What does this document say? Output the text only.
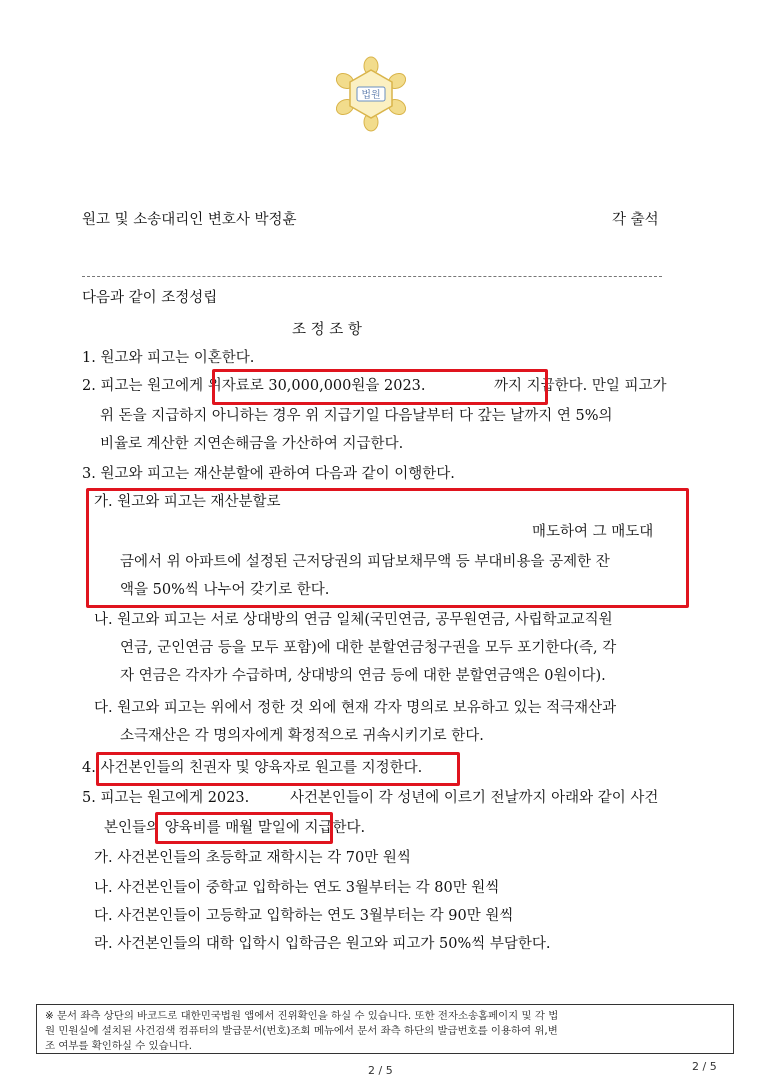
법원
원고 및 소송대리인 변호사 박정훈	각 출석
다음과 같이 조정성립
조 정 조 항
1. 원고와 피고는 이혼한다.
2. 피고는 원고에게 위자료로 30,000,000원을 2023.	까지 지급한다. 만일 피고가
위 돈을 지급하지 아니하는 경우 위 지급기일 다음날부터 다 갚는 날까지 연 5%의
비율로 계산한 지연손해금을 가산하여 지급한다.
3. 원고와 피고는 재산분할에 관하여 다음과 같이 이행한다.
가. 원고와 피고는 재산분할로
매도하여 그 매도대
금에서 위 아파트에 설정된 근저당권의 피담보채무액 등 부대비용을 공제한 잔
액을 50%씩 나누어 갖기로 한다.
나. 원고와 피고는 서로 상대방의 연금 일체(국민연금, 공무원연금, 사립학교교직원
연금, 군인연금 등을 모두 포함)에 대한 분할연금청구권을 모두 포기한다(즉, 각
자 연금은 각자가 수급하며, 상대방의 연금 등에 대한 분할연금액은 0원이다).
다. 원고와 피고는 위에서 정한 것 외에 현재 각자 명의로 보유하고 있는 적극재산과
소극재산은 각 명의자에게 확정적으로 귀속시키기로 한다.
4. 사건본인들의 친권자 및 양육자로 원고를 지정한다.
5. 피고는 원고에게 2023.	사건본인들이 각 성년에 이르기 전날까지 아래와 같이 사건
본인들의 양육비를 매월 말일에 지급한다.
가. 사건본인들의 초등학교 재학시는 각 70만 원씩
나. 사건본인들이 중학교 입학하는 연도 3월부터는 각 80만 원씩
다. 사건본인들이 고등학교 입학하는 연도 3월부터는 각 90만 원씩
라. 사건본인들의 대학 입학시 입학금은 원고와 피고가 50%씩 부담한다.
※ 문서 좌측 상단의 바코드로 대한민국법원 앱에서 진위확인을 하실 수 있습니다. 또한 전자소송홈페이지 및 각 법
원 민원실에 설치된 사건검색 컴퓨터의 발급문서(번호)조회 메뉴에서 문서 좌측 하단의 발급번호를 이용하여 위,변
조 여부를 확인하실 수 있습니다.
2 / 5	2 / 5
